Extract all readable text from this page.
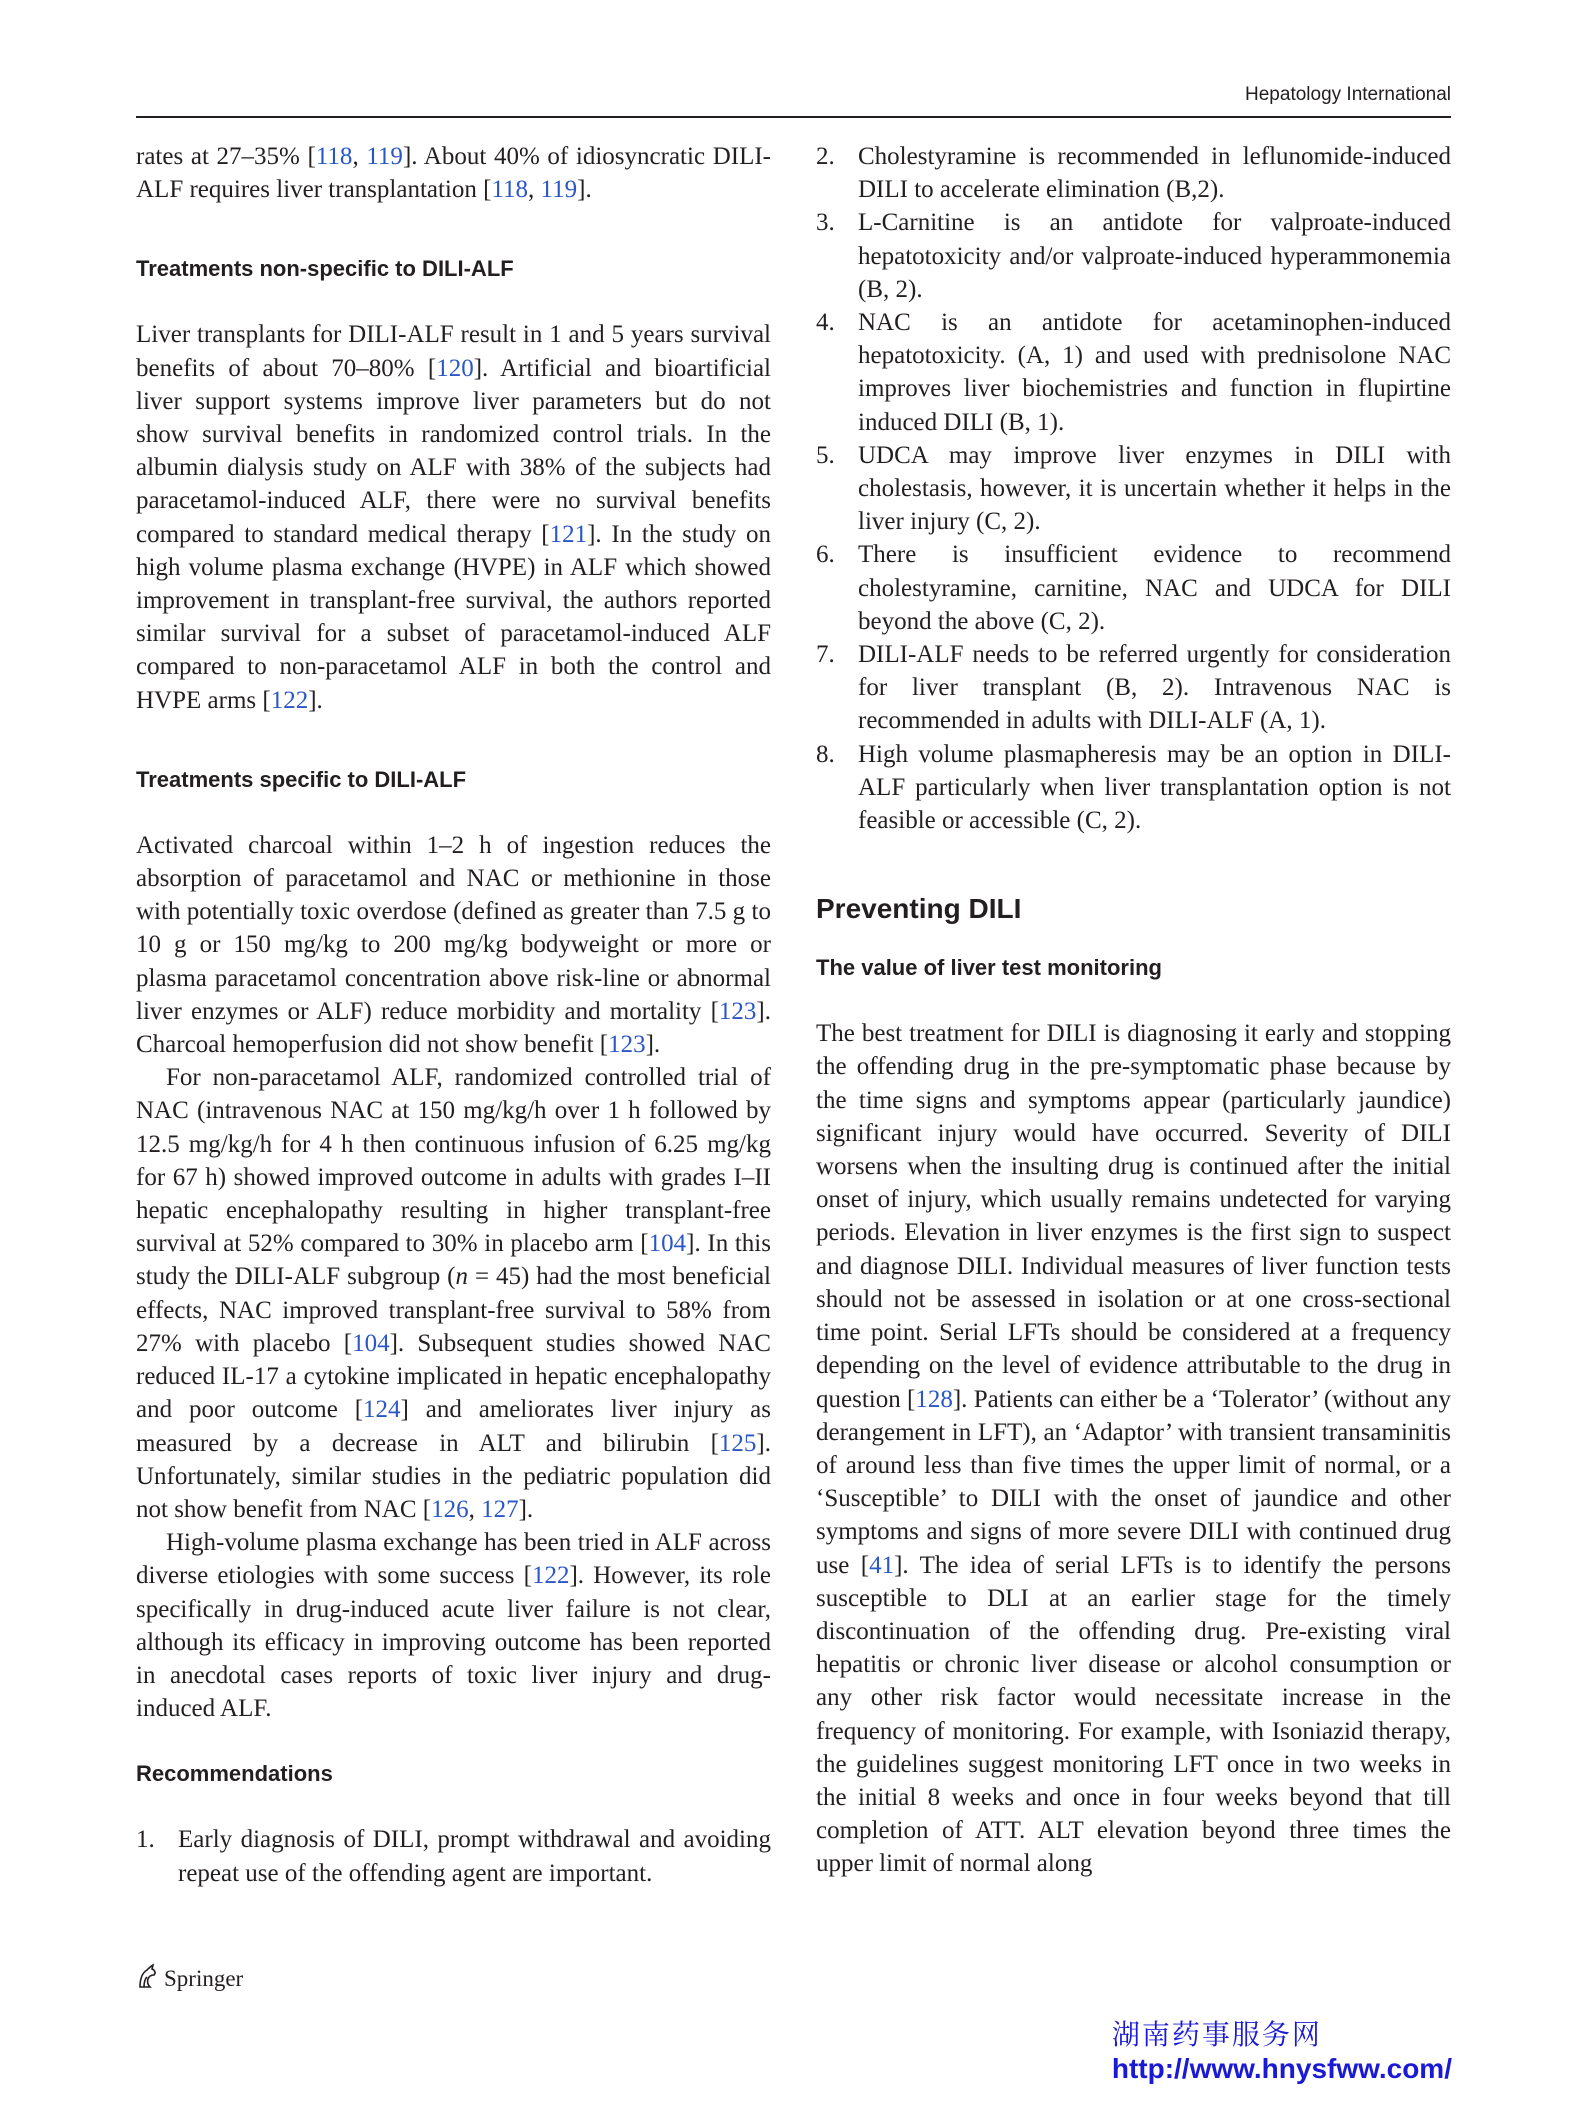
Hepatology International

rates at 27–35% [118, 119]. About 40% of idiosyncratic DILI-ALF requires liver transplantation [118, 119].

Treatments non-specific to DILI-ALF

Liver transplants for DILI-ALF result in 1 and 5 years survival benefits of about 70–80% [120]. Artificial and bioartificial liver support systems improve liver parameters but do not show survival benefits in randomized control trials. In the albumin dialysis study on ALF with 38% of the subjects had paracetamol-induced ALF, there were no survival benefits compared to standard medical therapy [121]. In the study on high volume plasma exchange (HVPE) in ALF which showed improvement in transplant-free survival, the authors reported similar survival for a subset of paracetamol-induced ALF compared to non-paracetamol ALF in both the control and HVPE arms [122].

Treatments specific to DILI-ALF

Activated charcoal within 1–2 h of ingestion reduces the absorption of paracetamol and NAC or methionine in those with potentially toxic overdose (defined as greater than 7.5 g to 10 g or 150 mg/kg to 200 mg/kg bodyweight or more or plasma paracetamol concentration above risk-line or abnormal liver enzymes or ALF) reduce morbidity and mortality [123]. Charcoal hemoperfusion did not show benefit [123].

For non-paracetamol ALF, randomized controlled trial of NAC (intravenous NAC at 150 mg/kg/h over 1 h followed by 12.5 mg/kg/h for 4 h then continuous infusion of 6.25 mg/kg for 67 h) showed improved outcome in adults with grades I–II hepatic encephalopathy resulting in higher transplant-free survival at 52% compared to 30% in placebo arm [104]. In this study the DILI-ALF subgroup (n = 45) had the most beneficial effects, NAC improved transplant-free survival to 58% from 27% with placebo [104]. Subsequent studies showed NAC reduced IL-17 a cytokine implicated in hepatic encephalopathy and poor outcome [124] and ameliorates liver injury as measured by a decrease in ALT and bilirubin [125]. Unfortunately, similar studies in the pediatric population did not show benefit from NAC [126, 127].

High-volume plasma exchange has been tried in ALF across diverse etiologies with some success [122]. However, its role specifically in drug-induced acute liver failure is not clear, although its efficacy in improving outcome has been reported in anecdotal cases reports of toxic liver injury and drug-induced ALF.

Recommendations
1. Early diagnosis of DILI, prompt withdrawal and avoiding repeat use of the offending agent are important.
2. Cholestyramine is recommended in leflunomide-induced DILI to accelerate elimination (B,2).
3. L-Carnitine is an antidote for valproate-induced hepatotoxicity and/or valproate-induced hyperammonemia (B, 2).
4. NAC is an antidote for acetaminophen-induced hepatotoxicity. (A, 1) and used with prednisolone NAC improves liver biochemistries and function in flupirtine induced DILI (B, 1).
5. UDCA may improve liver enzymes in DILI with cholestasis, however, it is uncertain whether it helps in the liver injury (C, 2).
6. There is insufficient evidence to recommend cholestyramine, carnitine, NAC and UDCA for DILI beyond the above (C, 2).
7. DILI-ALF needs to be referred urgently for consideration for liver transplant (B, 2). Intravenous NAC is recommended in adults with DILI-ALF (A, 1).
8. High volume plasmapheresis may be an option in DILI-ALF particularly when liver transplantation option is not feasible or accessible (C, 2).
Preventing DILI
The value of liver test monitoring

The best treatment for DILI is diagnosing it early and stopping the offending drug in the pre-symptomatic phase because by the time signs and symptoms appear (particularly jaundice) significant injury would have occurred. Severity of DILI worsens when the insulting drug is continued after the initial onset of injury, which usually remains undetected for varying periods. Elevation in liver enzymes is the first sign to suspect and diagnose DILI. Individual measures of liver function tests should not be assessed in isolation or at one cross-sectional time point. Serial LFTs should be considered at a frequency depending on the level of evidence attributable to the drug in question [128]. Patients can either be a ‘Tolerator’ (without any derangement in LFT), an ‘Adaptor’ with transient transaminitis of around less than five times the upper limit of normal, or a ‘Susceptible’ to DILI with the onset of jaundice and other symptoms and signs of more severe DILI with continued drug use [41]. The idea of serial LFTs is to identify the persons susceptible to DLI at an earlier stage for the timely discontinuation of the offending drug. Pre-existing viral hepatitis or chronic liver disease or alcohol consumption or any other risk factor would necessitate increase in the frequency of monitoring. For example, with Isoniazid therapy, the guidelines suggest monitoring LFT once in two weeks in the initial 8 weeks and once in four weeks beyond that till completion of ATT. ALT elevation beyond three times the upper limit of normal along

Springer
湖南药事服务网
http://www.hnysfww.com/
